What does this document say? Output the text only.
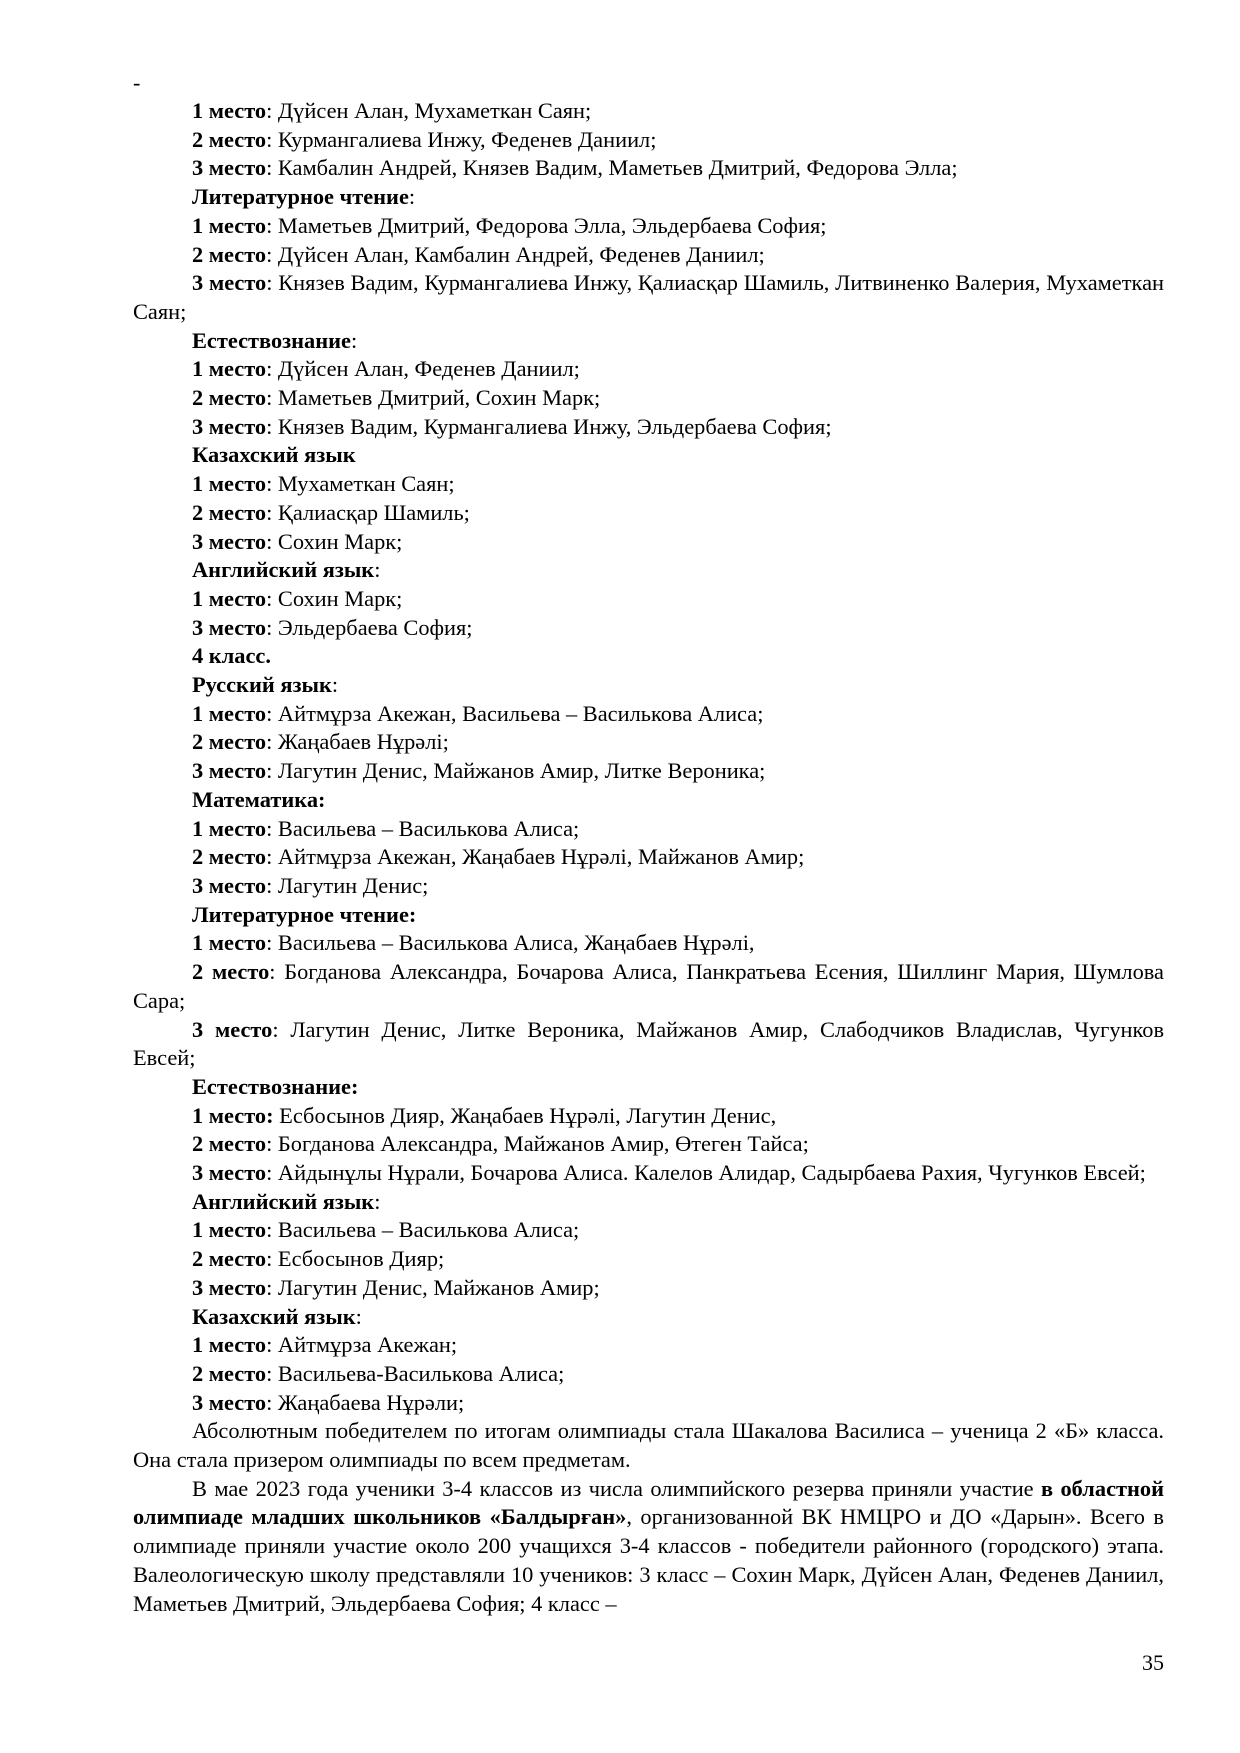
-

1 место: Дүйсен Алан, Мухаметкан Саян;

2 место: Курмангалиева Инжу, Феденев Даниил;

3 место: Камбалин Андрей, Князев Вадим, Маметьев Дмитрий, Федорова Элла;

Литературное чтение:

1 место: Маметьев Дмитрий, Федорова Элла, Эльдербаева София;

2 место: Дүйсен Алан, Камбалин Андрей, Феденев Даниил;

3 место: Князев Вадим, Курмангалиева Инжу, Қалиасқар Шамиль, Литвиненко Валерия, Мухаметкан Саян;

Естествознание:

1 место: Дүйсен Алан, Феденев Даниил;

2 место: Маметьев Дмитрий, Сохин Марк;

3 место: Князев Вадим, Курмангалиева Инжу, Эльдербаева София;

Казахский язык

1 место: Мухаметкан Саян;

2 место: Қалиасқар Шамиль;

3 место: Сохин Марк;

Английский язык:

1 место: Сохин Марк;

3 место: Эльдербаева София;

4 класс.

Русский язык:

1 место: Айтмұрза Акежан, Васильева – Василькова Алиса;

2 место: Жаңабаев Нұрәлі;

3 место: Лагутин Денис, Майжанов Амир, Литке Вероника;

Математика:

1 место: Васильева – Василькова Алиса;

2 место: Айтмұрза Акежан, Жаңабаев Нұрәлі, Майжанов Амир;

3 место: Лагутин Денис;

Литературное чтение:

1 место: Васильева – Василькова Алиса, Жаңабаев Нұрәлі,

2 место: Богданова Александра, Бочарова Алиса, Панкратьева Есения, Шиллинг Мария, Шумлова Сара;

3 место: Лагутин Денис, Литке Вероника, Майжанов Амир, Слабодчиков Владислав, Чугунков Евсей;

Естествознание:

1 место: Есбосынов Дияр, Жаңабаев Нұрәлі, Лагутин Денис,

2 место: Богданова Александра, Майжанов Амир, Өтеген Тайса;

3 место: Айдынұлы Нұрали, Бочарова Алиса. Калелов Алидар, Садырбаева Рахия, Чугунков Евсей;

Английский язык:

1 место: Васильева – Василькова Алиса;

2 место: Есбосынов Дияр;

3 место: Лагутин Денис, Майжанов Амир;

Казахский язык:

1 место: Айтмұрза Акежан;

2 место: Васильева-Василькова Алиса;

3 место: Жаңабаева Нұрәли;

Абсолютным победителем по итогам олимпиады стала Шакалова Василиса – ученица 2 «Б» класса. Она стала призером олимпиады по всем предметам.

В мае 2023 года ученики 3-4 классов из числа олимпийского резерва приняли участие в областной олимпиаде младших школьников «Балдырған», организованной ВК НМЦРО и ДО «Дарын». Всего в олимпиаде приняли участие около 200 учащихся 3-4 классов - победители районного (городского) этапа. Валеологическую школу представляли 10 учеников: 3 класс – Сохин Марк, Дүйсен Алан, Феденев Даниил, Маметьев Дмитрий, Эльдербаева София; 4 класс –

35
